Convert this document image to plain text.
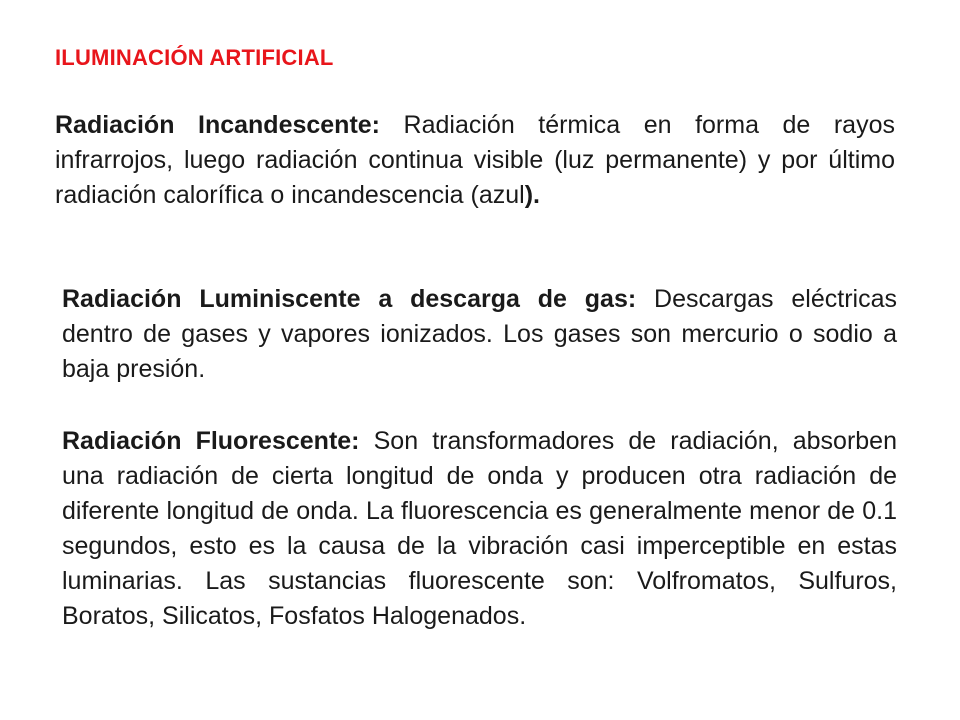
ILUMINACIÓN ARTIFICIAL

Radiación Incandescente: Radiación térmica en forma de rayos infrarrojos, luego radiación continua visible (luz permanente) y por último radiación calorífica o incandescencia (azul).

Radiación Luminiscente a descarga de gas: Descargas eléctricas dentro de gases y vapores ionizados. Los gases son mercurio o sodio a baja presión.

Radiación Fluorescente: Son transformadores de radiación, absorben una radiación de cierta longitud de onda y producen otra radiación de diferente longitud de onda. La fluorescencia es generalmente menor de 0.1 segundos, esto es la causa de la vibración casi imperceptible en estas luminarias. Las sustancias fluorescente son: Volfromatos, Sulfuros, Boratos, Silicatos, Fosfatos Halogenados.
